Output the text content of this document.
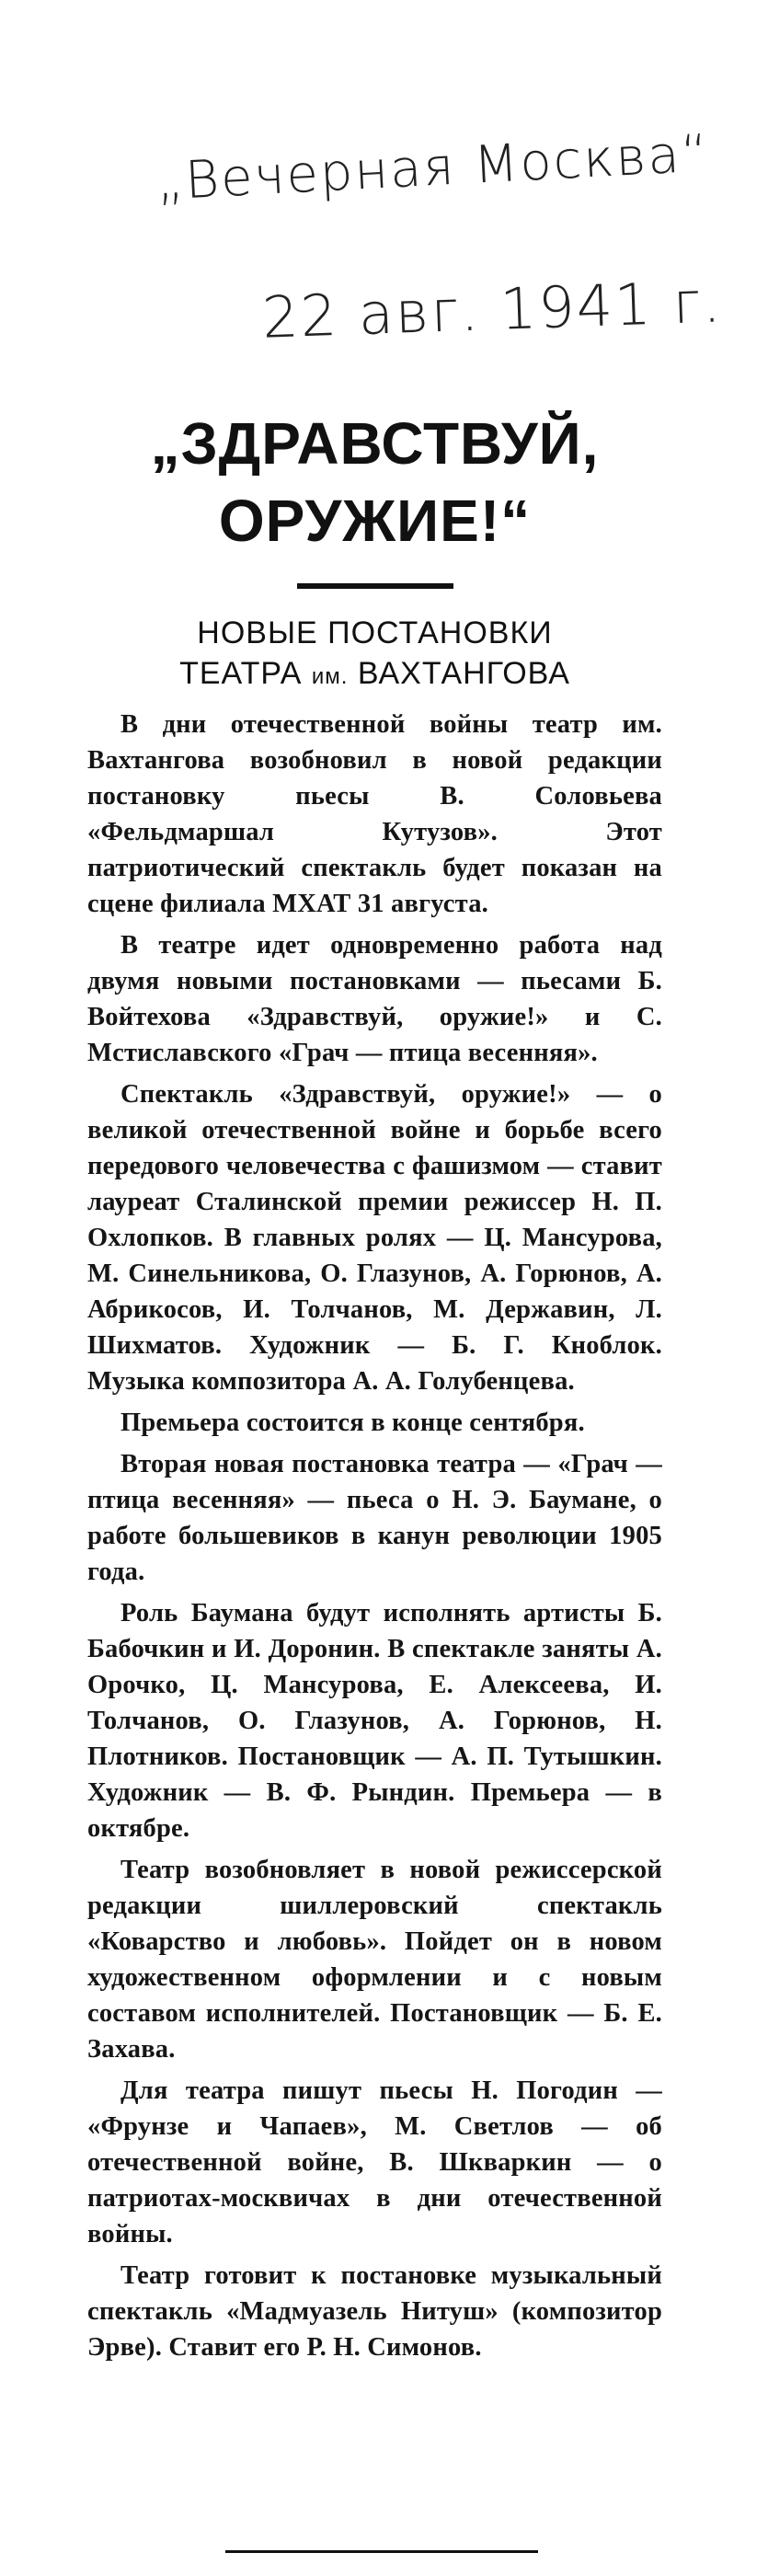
„Вечерная Москва“
22 авг. 1941 г.
„ЗДРАВСТВУЙ,
ОРУЖИЕ!“

НОВЫЕ ПОСТАНОВКИ
ТЕАТРА им. ВАХТАНГОВА

В дни отечественной войны театр им. Вахтангова возобновил в новой редакции постановку пьесы В. Соловьева «Фельдмаршал Кутузов». Этот патриотический спектакль будет показан на сцене филиала МХАТ 31 августа.

В театре идет одновременно работа над двумя новыми постановками — пьесами Б. Войтехова «Здравствуй, оружие!» и С. Мстиславского «Грач — птица весенняя».

Спектакль «Здравствуй, оружие!» — о великой отечественной войне и борьбе всего передового человечества с фашизмом — ставит лауреат Сталинской премии режиссер Н. П. Охлопков. В главных ролях — Ц. Мансурова, М. Синельникова, О. Глазунов, А. Горюнов, А. Абрикосов, И. Толчанов, М. Державин, Л. Шихматов. Художник — Б. Г. Кноблок. Музыка композитора А. А. Голубенцева.

Премьера состоится в конце сентября.

Вторая новая постановка театра — «Грач — птица весенняя» — пьеса о Н. Э. Баумане, о работе большевиков в канун революции 1905 года.

Роль Баумана будут исполнять артисты Б. Бабочкин и И. Доронин. В спектакле заняты А. Орочко, Ц. Мансурова, Е. Алексеева, И. Толчанов, О. Глазунов, А. Горюнов, Н. Плотников. Постановщик — А. П. Тутышкин. Художник — В. Ф. Рындин. Премьера — в октябре.

Театр возобновляет в новой режиссерской редакции шиллеровский спектакль «Коварство и любовь». Пойдет он в новом художественном оформлении и с новым составом исполнителей. Постановщик — Б. Е. Захава.

Для театра пишут пьесы Н. Погодин — «Фрунзе и Чапаев», М. Светлов — об отечественной войне, В. Шкваркин — о патриотах-москвичах в дни отечественной войны.

Театр готовит к постановке музыкальный спектакль «Мадмуазель Нитуш» (композитор Эрве). Ставит его Р. Н. Симонов.
